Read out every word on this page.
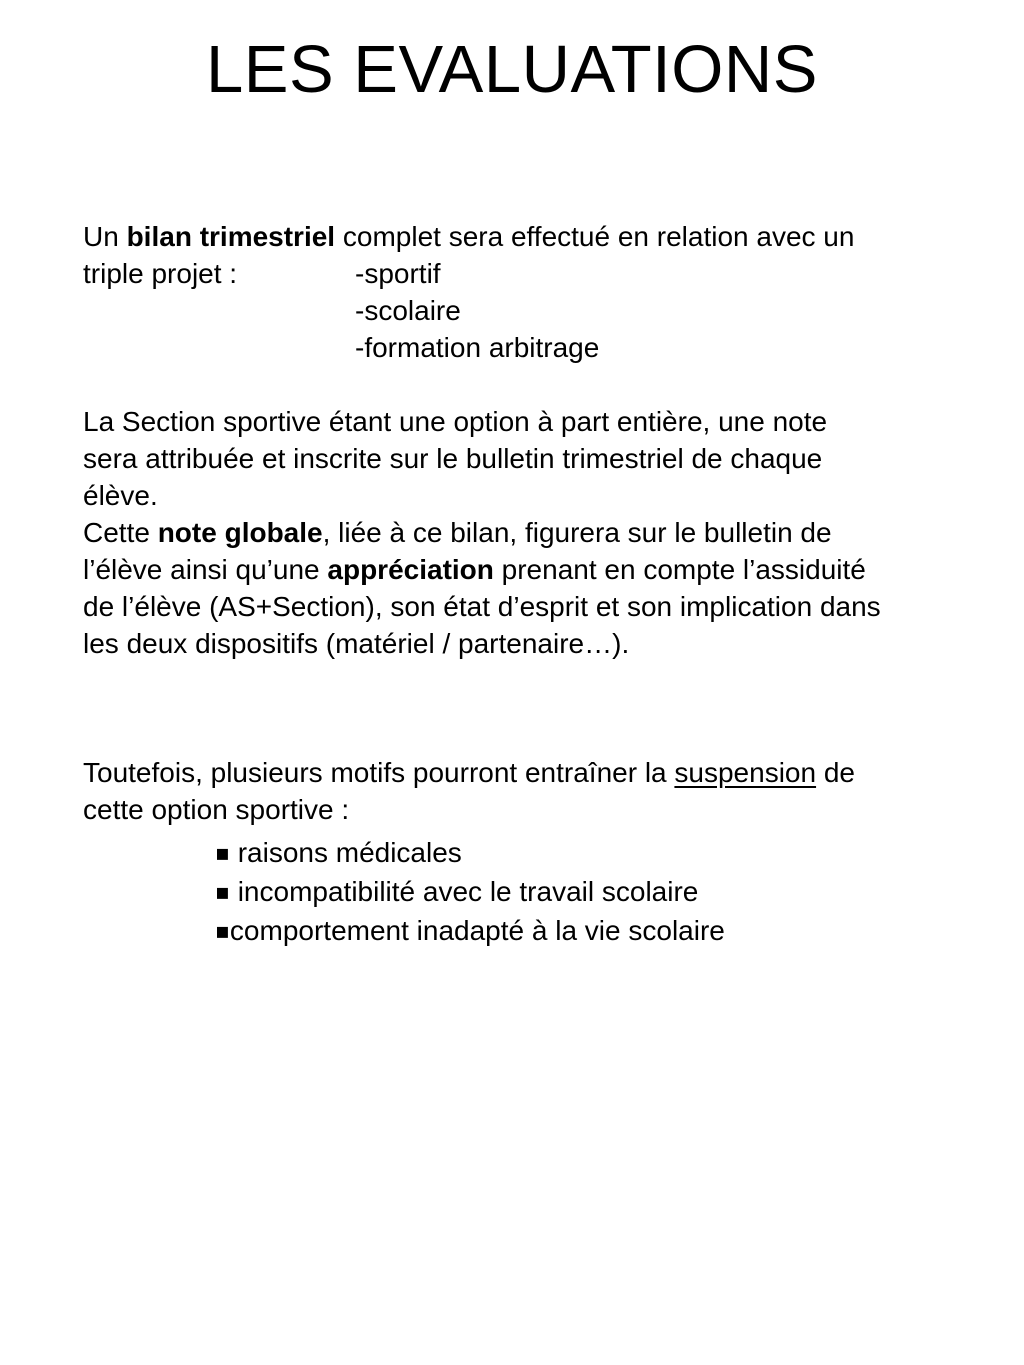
LES EVALUATIONS
Un bilan trimestriel complet sera effectué en relation avec un
triple projet :	-sportif
-scolaire
-formation arbitrage
La Section sportive étant une option à part entière, une note
sera attribuée et inscrite sur le bulletin trimestriel de chaque
élève.
Cette note globale, liée à ce bilan, figurera sur le bulletin de
l’élève ainsi qu’une appréciation prenant en compte l’assiduité
de l’élève (AS+Section), son état d’esprit et son implication dans
les deux dispositifs (matériel / partenaire…).
Toutefois, plusieurs motifs pourront entraîner la suspension de
cette option sportive :
▪ raisons médicales
▪ incompatibilité avec le travail scolaire
▪comportement inadapté à la vie scolaire
